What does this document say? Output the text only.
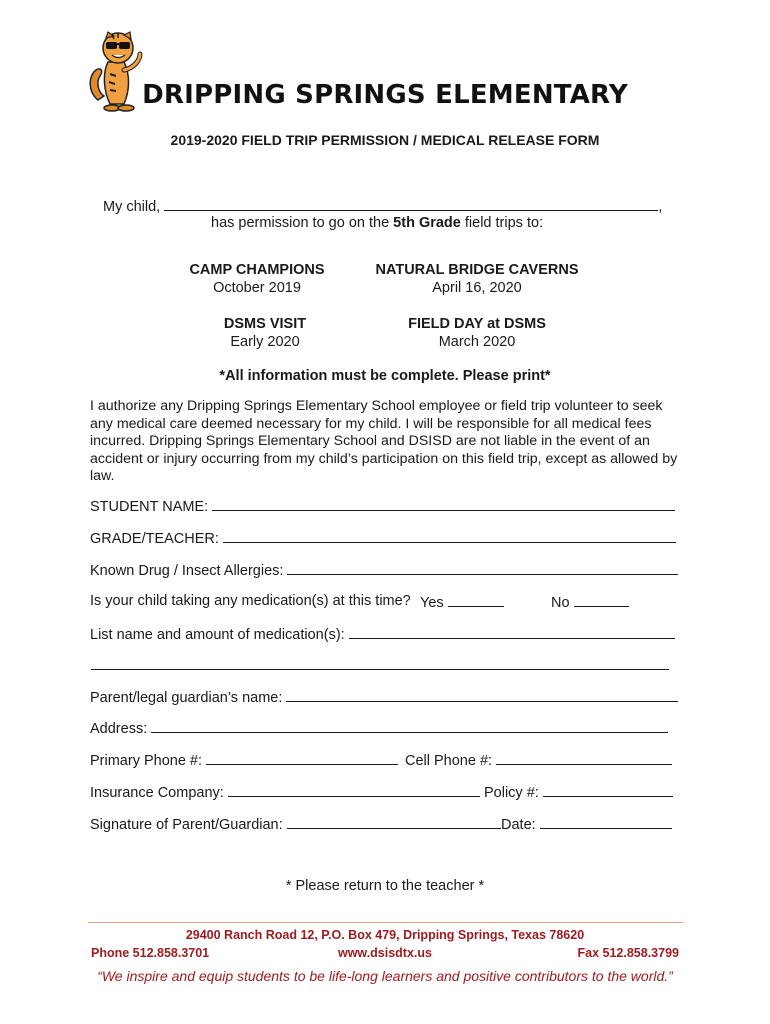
DRIPPING SPRINGS ELEMENTARY
2019-2020 FIELD TRIP PERMISSION / MEDICAL RELEASE FORM
My child,	,
has permission to go on the 5th Grade field trips to:
CAMP CHAMPIONS
October 2019
NATURAL BRIDGE CAVERNS
April 16, 2020
DSMS VISIT
Early 2020
FIELD DAY at DSMS
March 2020
*All information must be complete. Please print*
I authorize any Dripping Springs Elementary School employee or field trip volunteer to seek any medical care deemed necessary for my child. I will be responsible for all medical fees incurred. Dripping Springs Elementary School and DSISD are not liable in the event of an accident or injury occurring from my child’s participation on this field trip, except as allowed by law.
STUDENT NAME:
GRADE/TEACHER:
Known Drug / Insect Allergies:
Is your child taking any medication(s) at this time? Yes	No
List name and amount of medication(s):
Parent/legal guardian’s name:
Address:
Primary Phone #:	Cell Phone #:
Insurance Company:	Policy #:
Signature of Parent/Guardian:	Date:
* Please return to the teacher *
29400 Ranch Road 12, P.O. Box 479, Dripping Springs, Texas 78620
Phone 512.858.3701	www.dsisdtx.us	Fax 512.858.3799
“We inspire and equip students to be life-long learners and positive contributors to the world.”
